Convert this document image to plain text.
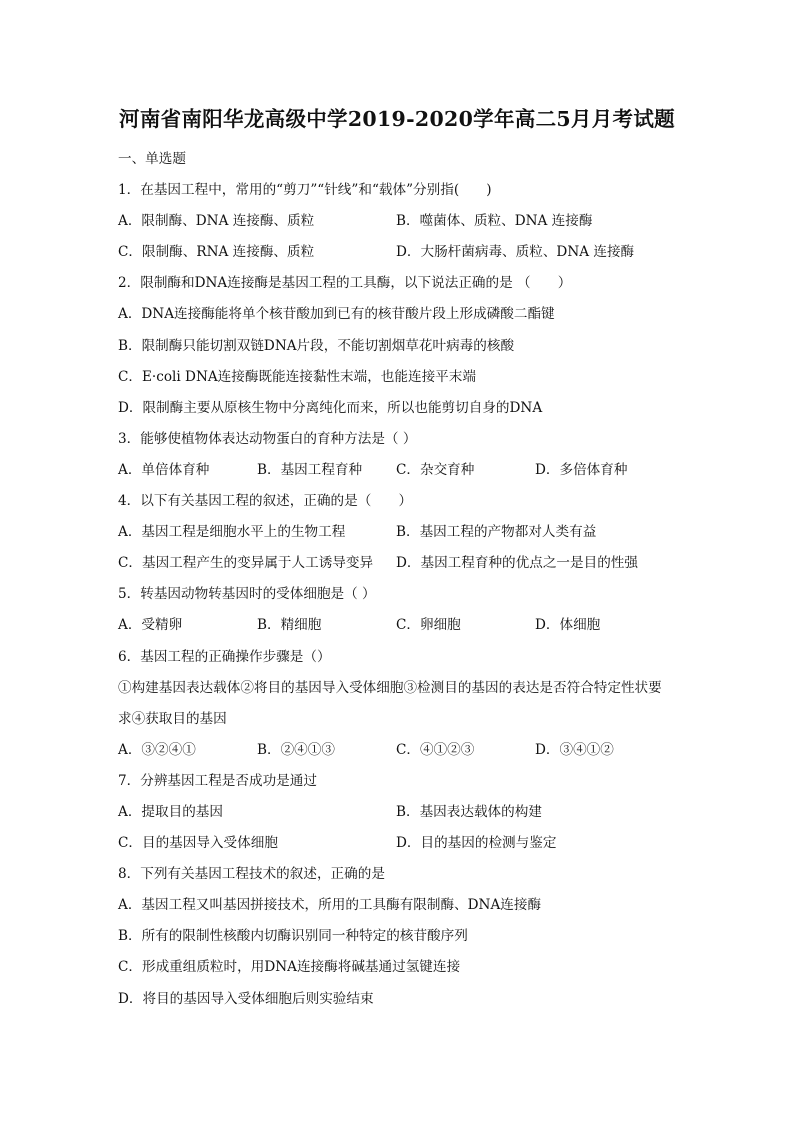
河南省南阳华龙高级中学2019-2020学年高二5月月考试题
一、单选题
1．在基因工程中，常用的“剪刀”“针线”和“载体”分别指(　　)
A．限制酶、DNA 连接酶、质粒	B．噬菌体、质粒、DNA 连接酶
C．限制酶、RNA 连接酶、质粒	D．大肠杆菌病毒、质粒、DNA 连接酶
2．限制酶和DNA连接酶是基因工程的工具酶，以下说法正确的是 （　　）
A．DNA连接酶能将单个核苷酸加到已有的核苷酸片段上形成磷酸二酯键
B．限制酶只能切割双链DNA片段，不能切割烟草花叶病毒的核酸
C．E·coli DNA连接酶既能连接黏性末端，也能连接平末端
D．限制酶主要从原核生物中分离纯化而来，所以也能剪切自身的DNA
3．能够使植物体表达动物蛋白的育种方法是（ ）
A．单倍体育种	B．基因工程育种	C．杂交育种	D．多倍体育种
4．以下有关基因工程的叙述，正确的是（　　）
A．基因工程是细胞水平上的生物工程	B．基因工程的产物都对人类有益
C．基因工程产生的变异属于人工诱导变异	D．基因工程育种的优点之一是目的性强
5．转基因动物转基因时的受体细胞是（ ）
A．受精卵	B．精细胞	C．卵细胞	D．体细胞
6．基因工程的正确操作步骤是（）
①构建基因表达载体②将目的基因导入受体细胞③检测目的基因的表达是否符合特定性状要
求④获取目的基因
A．③②④①	B．②④①③	C．④①②③	D．③④①②
7．分辨基因工程是否成功是通过
A．提取目的基因	B．基因表达载体的构建
C．目的基因导入受体细胞	D．目的基因的检测与鉴定
8．下列有关基因工程技术的叙述，正确的是
A．基因工程又叫基因拼接技术，所用的工具酶有限制酶、DNA连接酶
B．所有的限制性核酸内切酶识别同一种特定的核苷酸序列
C．形成重组质粒时，用DNA连接酶将碱基通过氢键连接
D．将目的基因导入受体细胞后则实验结束
